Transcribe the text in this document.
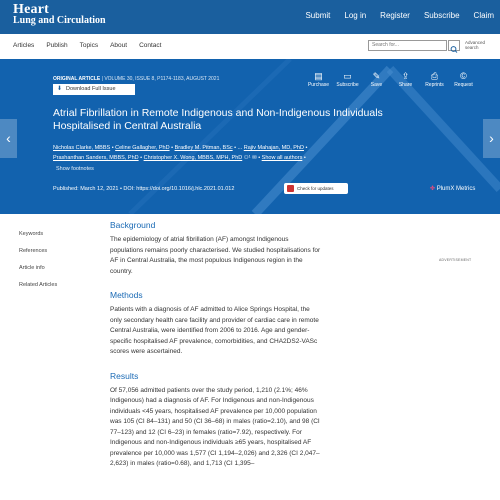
Heart
Lung and Circulation	Submit Log in Register Subscribe Claim
Articles Publish Topics About Contact
Search for...	Advanced
search
ORIGINAL ARTICLE | VOLUME 30, ISSUE 8, P1174-1183, AUGUST 2021
⬇ Download Full Issue
▤
Purchase
▭
Subscribe
✎
Save
⇪
Share
⎙
Reprints
©
Request
Atrial Fibrillation in Remote Indigenous and Non-Indigenous Individuals Hospitalised in Central Australia
Nicholas Clarke, MBBS • Celine Gallagher, PhD • Bradley M. Pitman, BSc • ... Rajiv Mahajan, MD, PhD •
Prashanthan Sanders, MBBS, PhD • Christopher X. Wong, MBBS, MPH, PhD ⚇¹ ✉ • Show all authors •
Show footnotes
Published: March 12, 2021 • DOI: https://doi.org/10.1016/j.hlc.2021.01.012	Check for updates	✤ PlumX Metrics
‹	›
Keywords
References
Article info
Related Articles
ADVERTISEMENT
Background

The epidemiology of atrial fibrillation (AF) amongst Indigenous populations remains poorly characterised. We studied hospitalisations for AF in Central Australia, the most populous Indigenous region in the country.

Methods

Patients with a diagnosis of AF admitted to Alice Springs Hospital, the only secondary health care facility and provider of cardiac care in remote Central Australia, were identified from 2006 to 2016. Age and gender-specific hospitalised AF prevalence, comorbidities, and CHA2DS2-VASc scores were ascertained.

Results

Of 57,056 admitted patients over the study period, 1,210 (2.1%; 46% Indigenous) had a diagnosis of AF. For Indigenous and non-Indigenous individuals <45 years, hospitalised AF prevalence per 10,000 population was 105 (CI 84–131) and 50 (CI 36–68) in males (ratio=2.10), and 98 (CI 77–123) and 12 (CI 6–23) in females (ratio=7.92), respectively. For Indigenous and non-Indigenous individuals ≥65 years, hospitalised AF prevalence per 10,000 was 1,577 (CI 1,194–2,026) and 2,326 (CI 2,047–2,623) in males (ratio=0.68), and 1,713 (CI 1,395–
